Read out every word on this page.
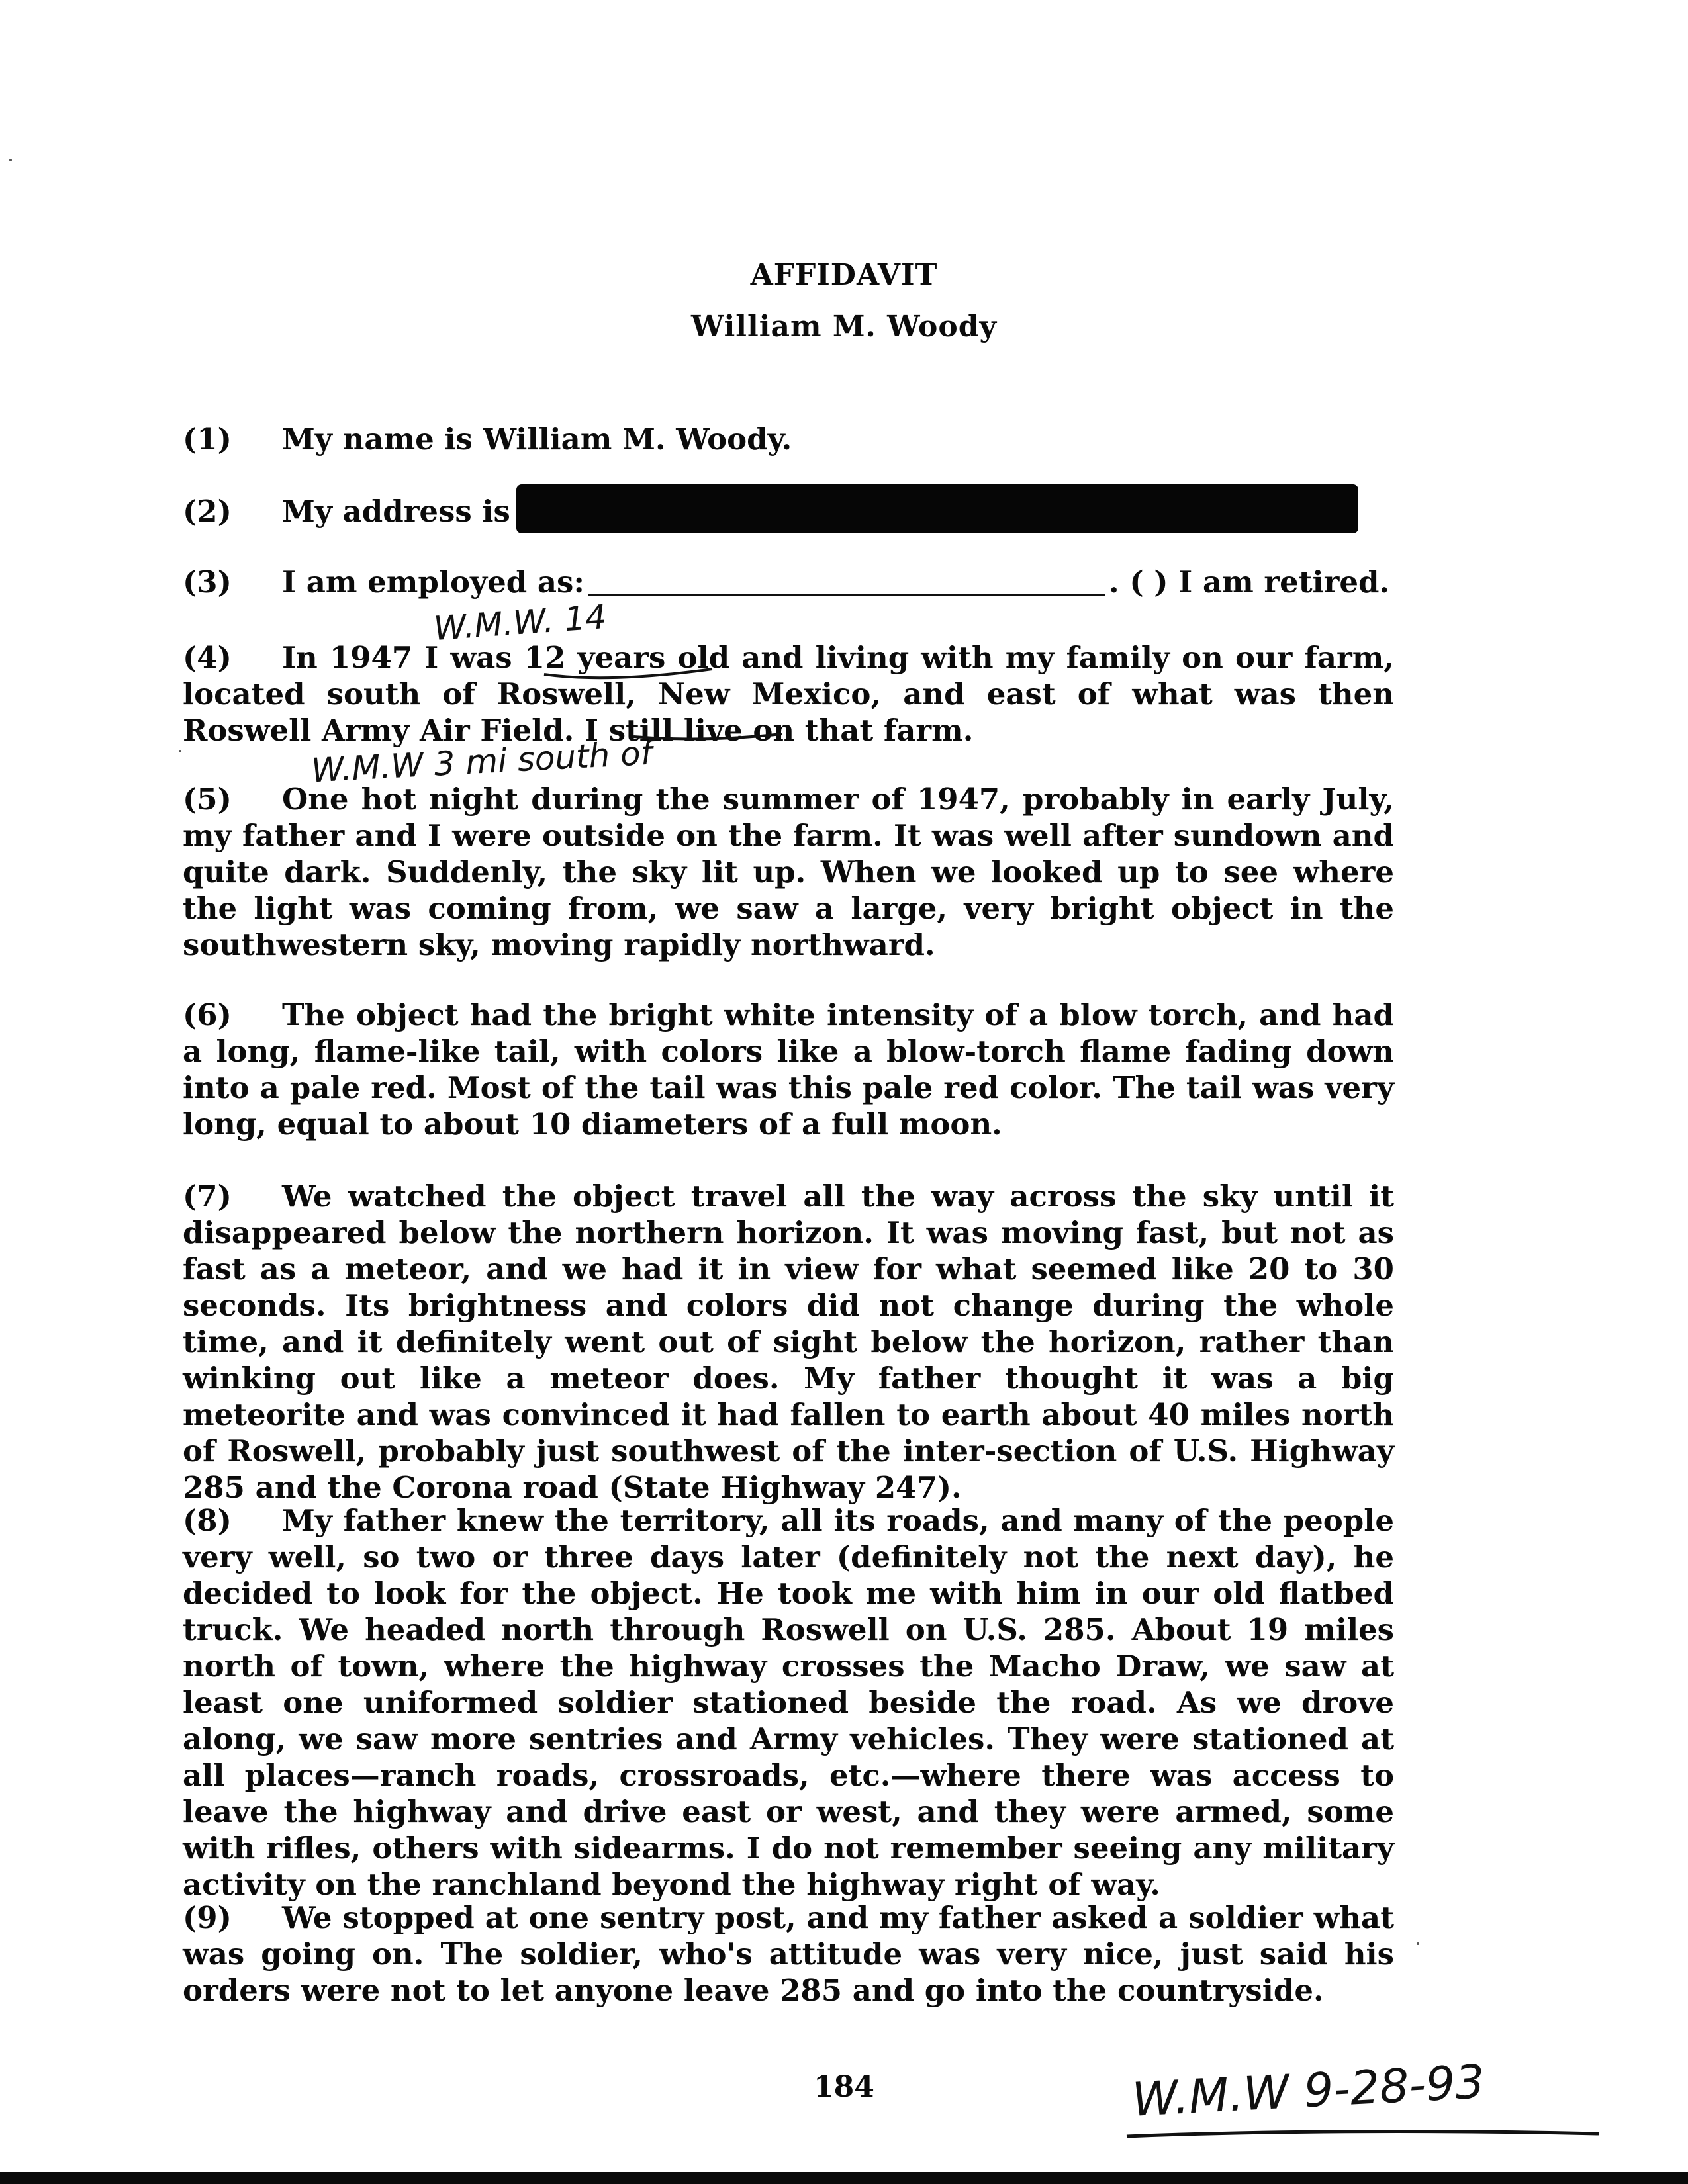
AFFIDAVIT
William M. Woody
(1) My name is William M. Woody.
(2) My address is
(3) I am employed as:	. ( ) I am retired.
W.M.W. 14
(4) In 1947 I was 12 years old and living with my family on our farm, located south of Roswell, New Mexico, and east of what was then Roswell Army Air Field. I still live on that farm.
W.M.W 3 mi south of
(5) One hot night during the summer of 1947, probably in early July, my father and I were outside on the farm. It was well after sundown and quite dark. Suddenly, the sky lit up. When we looked up to see where the light was coming from, we saw a large, very bright object in the southwestern sky, moving rapidly northward.
(6) The object had the bright white intensity of a blow torch, and had a long, flame-like tail, with colors like a blow-torch flame fading down into a pale red. Most of the tail was this pale red color. The tail was very long, equal to about 10 diameters of a full moon.
(7) We watched the object travel all the way across the sky until it disappeared below the northern horizon. It was moving fast, but not as fast as a meteor, and we had it in view for what seemed like 20 to 30 seconds. Its brightness and colors did not change during the whole time, and it definitely went out of sight below the horizon, rather than winking out like a meteor does. My father thought it was a big meteorite and was convinced it had fallen to earth about 40 miles north of Roswell, probably just southwest of the inter-section of U.S. Highway 285 and the Corona road (State Highway 247).
(8) My father knew the territory, all its roads, and many of the people very well, so two or three days later (definitely not the next day), he decided to look for the object. He took me with him in our old flatbed truck. We headed north through Roswell on U.S. 285. About 19 miles north of town, where the highway crosses the Macho Draw, we saw at least one uniformed soldier stationed beside the road. As we drove along, we saw more sentries and Army vehicles. They were stationed at all places—ranch roads, crossroads, etc.—where there was access to leave the highway and drive east or west, and they were armed, some with rifles, others with sidearms. I do not remember seeing any military activity on the ranchland beyond the highway right of way.
(9) We stopped at one sentry post, and my father asked a soldier what was going on. The soldier, who's attitude was very nice, just said his orders were not to let anyone leave 285 and go into the countryside.
184	W.M.W 9-28-93
